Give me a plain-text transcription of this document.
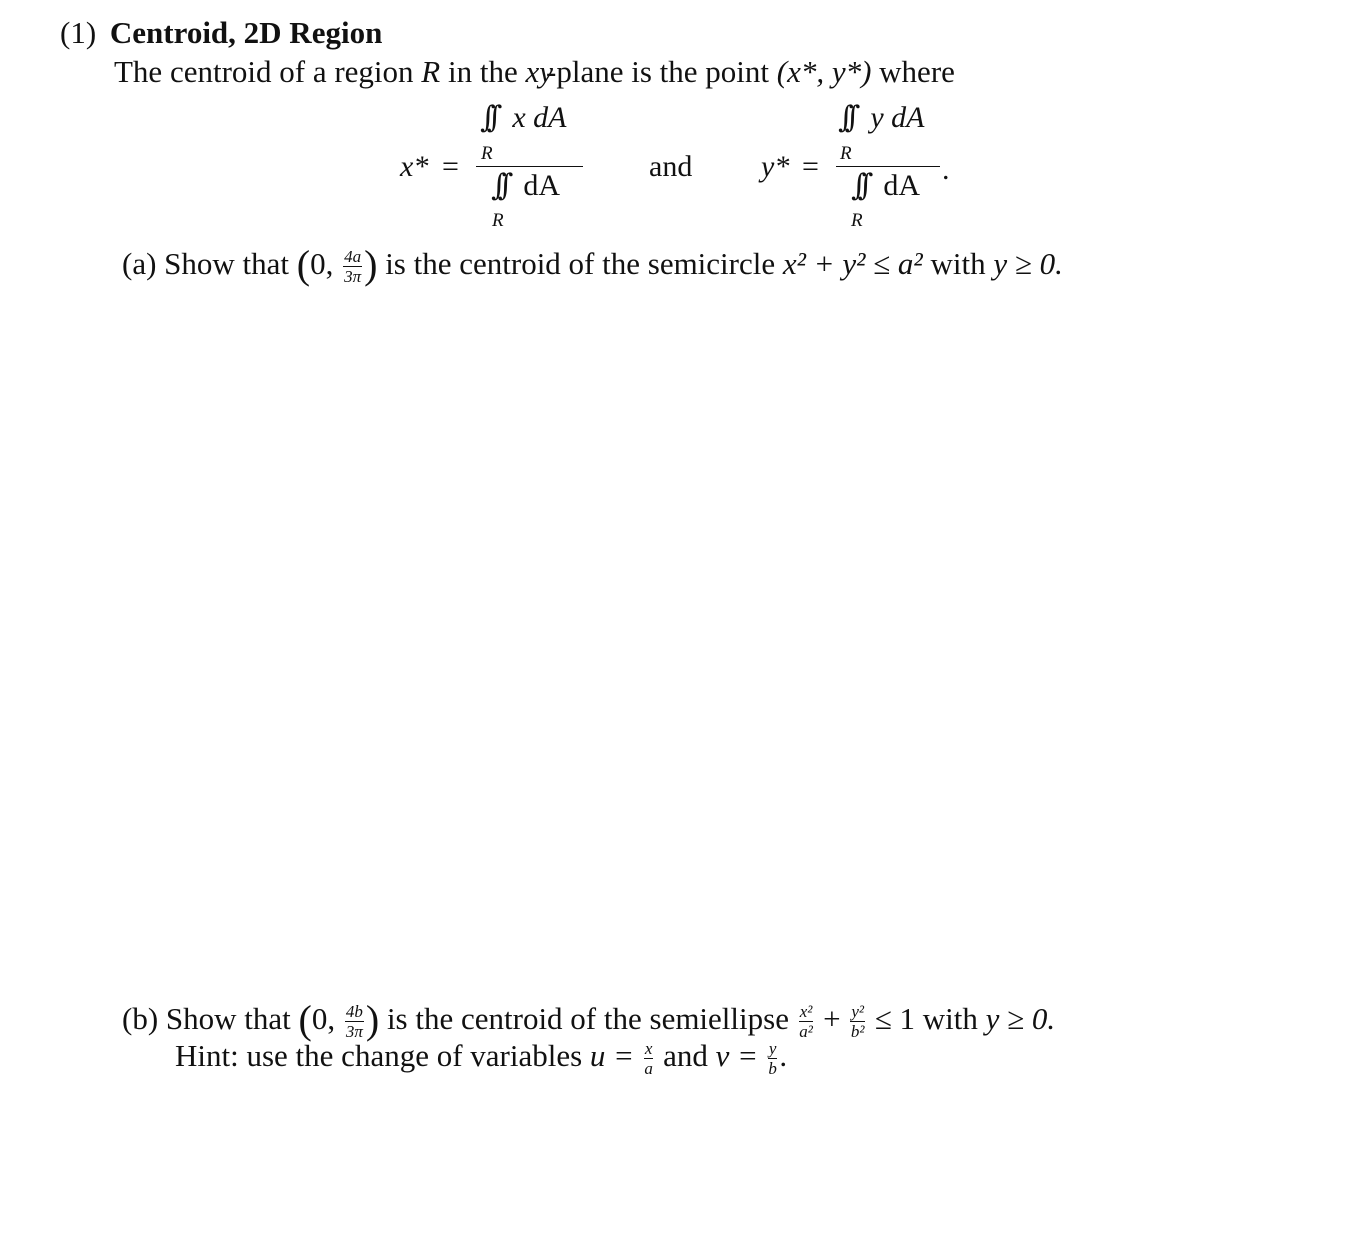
(1) Centroid, 2D Region
The centroid of a region R in the xy-plane is the point (x*, y*) where
x* =
∫∫ x dA
R
∫∫ dA
R
and y* =
∫∫ y dA
R
∫∫ dA
R
.
(a) Show that (0, $\frac{4a}{3\pi}$ ) is the centroid of the semicircle x² + y² ≤ a² with y ≥ 0.
(b) Show that (0, $\frac{4b}{3\pi}$ ) is the centroid of the semiellipse $\frac{\text{x²}}{\text{a²}} + \frac{\text{y²}}{\text{b²}} \le 1$ with y ≥ 0.
Hint: use the change of variables $u = \frac{x}{a}$ and $v = \frac{y}{b}$ .
